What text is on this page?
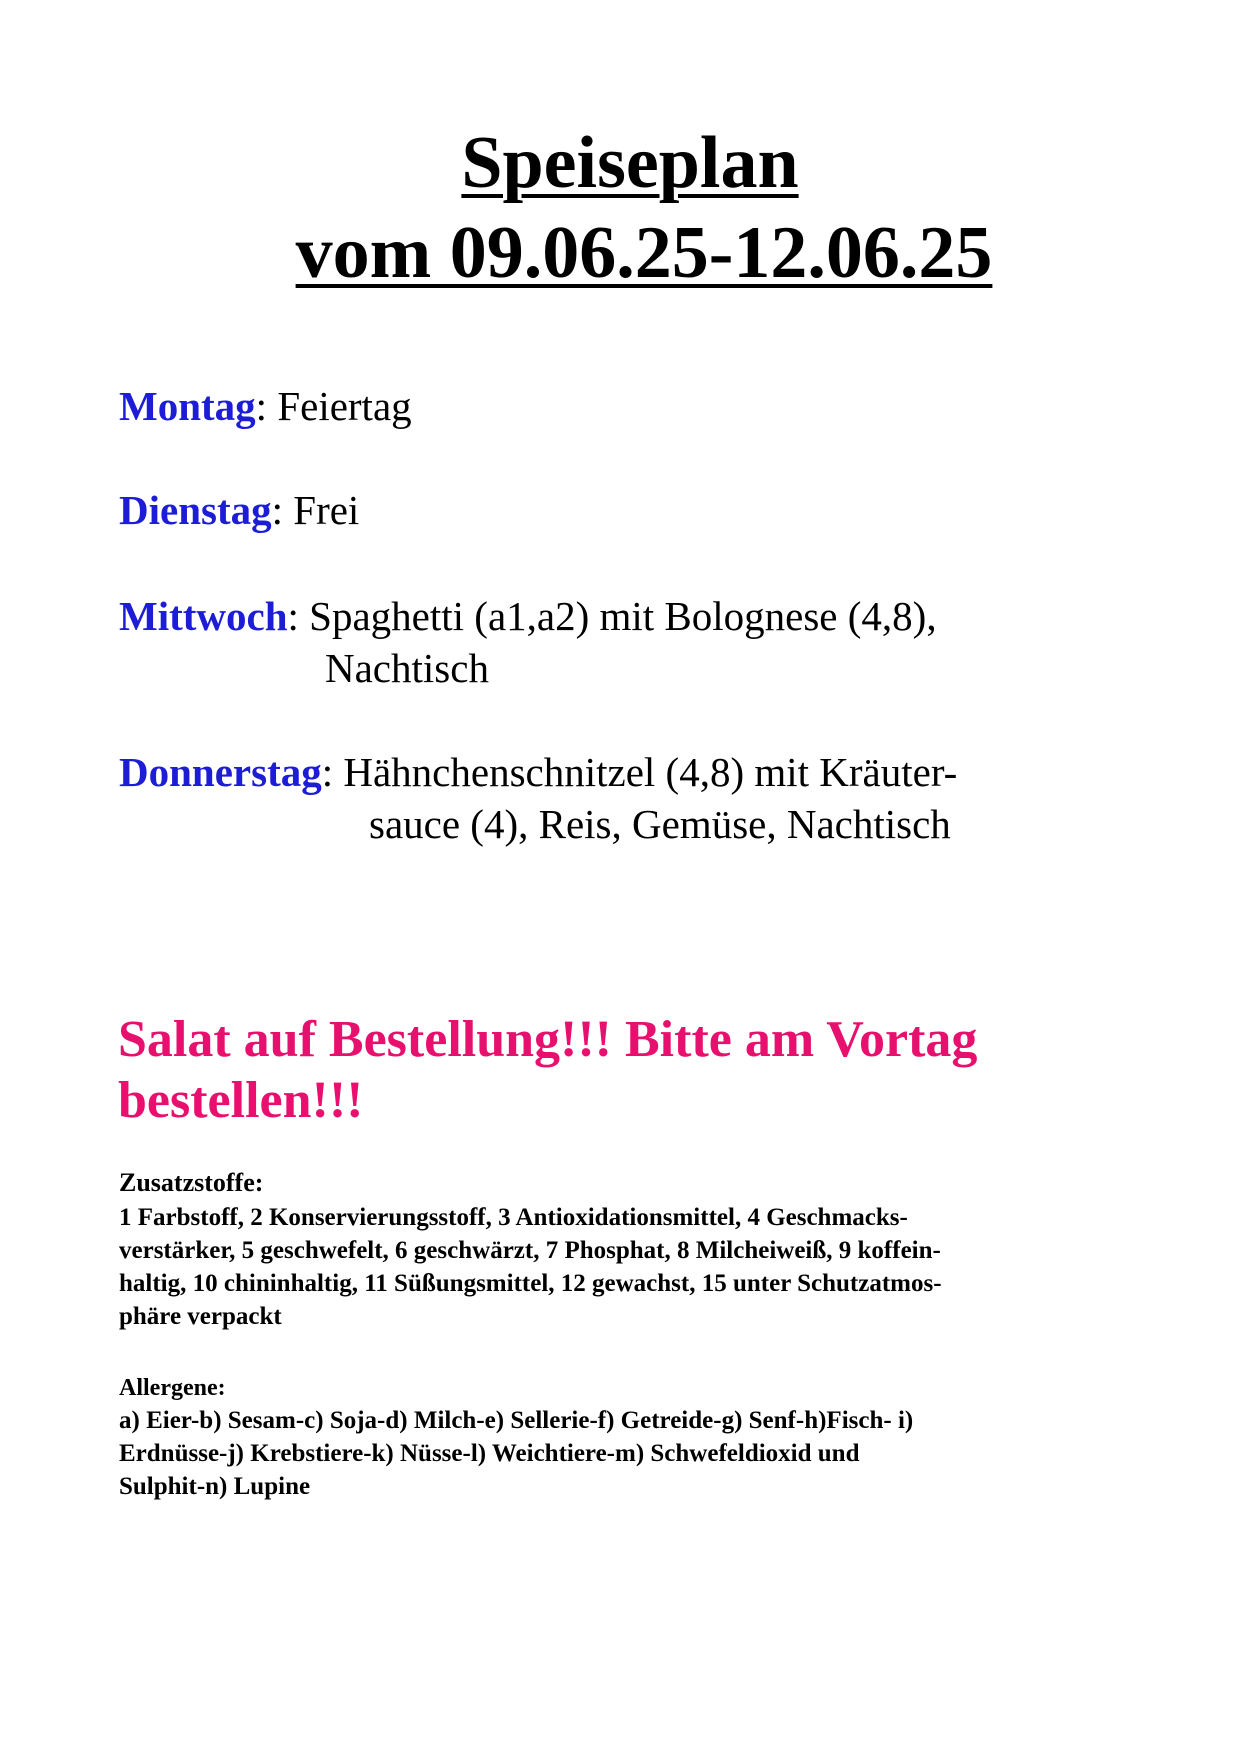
Speiseplan
vom 09.06.25-12.06.25
Montag: Feiertag
Dienstag: Frei
Mittwoch: Spaghetti (a1,a2) mit Bolognese (4,8),
Nachtisch
Donnerstag: Hähnchenschnitzel (4,8) mit Kräuter-
sauce (4), Reis, Gemüse, Nachtisch
Salat auf Bestellung!!! Bitte am Vortag bestellen!!!
Zusatzstoffe:
1 Farbstoff, 2 Konservierungsstoff, 3 Antioxidationsmittel, 4 Geschmacks-
verstärker, 5 geschwefelt, 6 geschwärzt, 7 Phosphat, 8 Milcheiweiß, 9 koffein-
haltig, 10 chininhaltig, 11 Süßungsmittel, 12 gewachst, 15 unter Schutzatmos-
phäre verpackt
Allergene:
a) Eier-b) Sesam-c) Soja-d) Milch-e) Sellerie-f) Getreide-g) Senf-h)Fisch- i)
Erdnüsse-j) Krebstiere-k) Nüsse-l) Weichtiere-m) Schwefeldioxid und
Sulphit-n) Lupine
